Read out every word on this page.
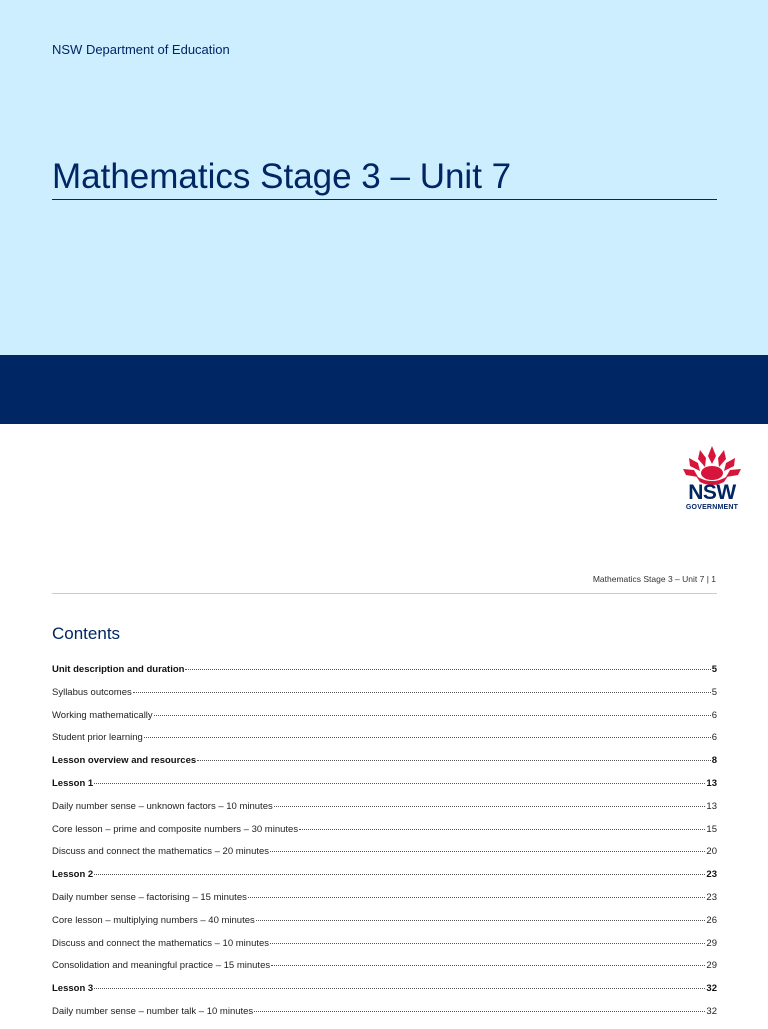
NSW Department of Education
Mathematics Stage 3 – Unit 7
NSW
GOVERNMENT
Mathematics Stage 3 – Unit 7 | 1
Contents
Unit description and duration	5
Syllabus outcomes	5
Working mathematically	6
Student prior learning	6
Lesson overview and resources	8
Lesson 1	13
Daily number sense – unknown factors – 10 minutes	13
Core lesson – prime and composite numbers – 30 minutes	15
Discuss and connect the mathematics – 20 minutes	20
Lesson 2	23
Daily number sense – factorising – 15 minutes	23
Core lesson – multiplying numbers – 40 minutes	26
Discuss and connect the mathematics – 10 minutes	29
Consolidation and meaningful practice – 15 minutes	29
Lesson 3	32
Daily number sense – number talk – 10 minutes	32
